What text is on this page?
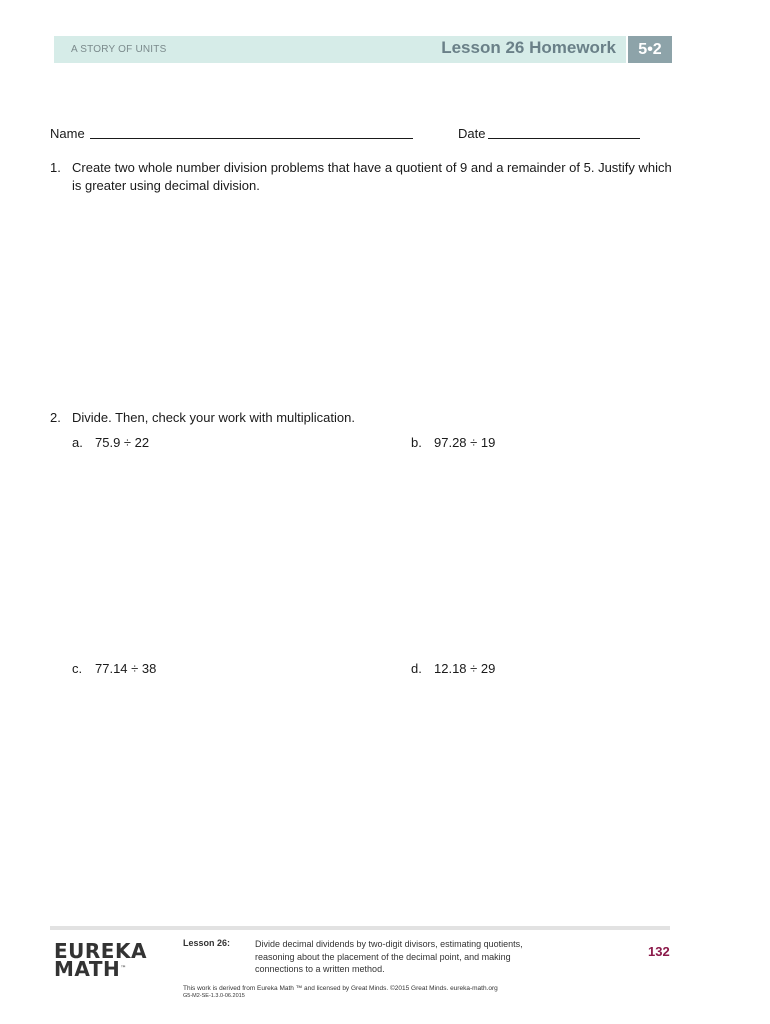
A STORY OF UNITS	Lesson 26 Homework	5•2
Name	Date
1. Create two whole number division problems that have a quotient of 9 and a remainder of 5. Justify which
is greater using decimal division.
2. Divide. Then, check your work with multiplication.
a. 75.9 ÷ 22	b. 97.28 ÷ 19
c. 77.14 ÷ 38	d. 12.18 ÷ 29
EUREKA
MATH™
Lesson 26:	Divide decimal dividends by two-digit divisors, estimating quotients,
reasoning about the placement of the decimal point, and making
connections to a written method.
132
This work is derived from Eureka Math ™ and licensed by Great Minds. ©2015 Great Minds. eureka-math.org
G5-M2-SE-1.3.0-06.2015
